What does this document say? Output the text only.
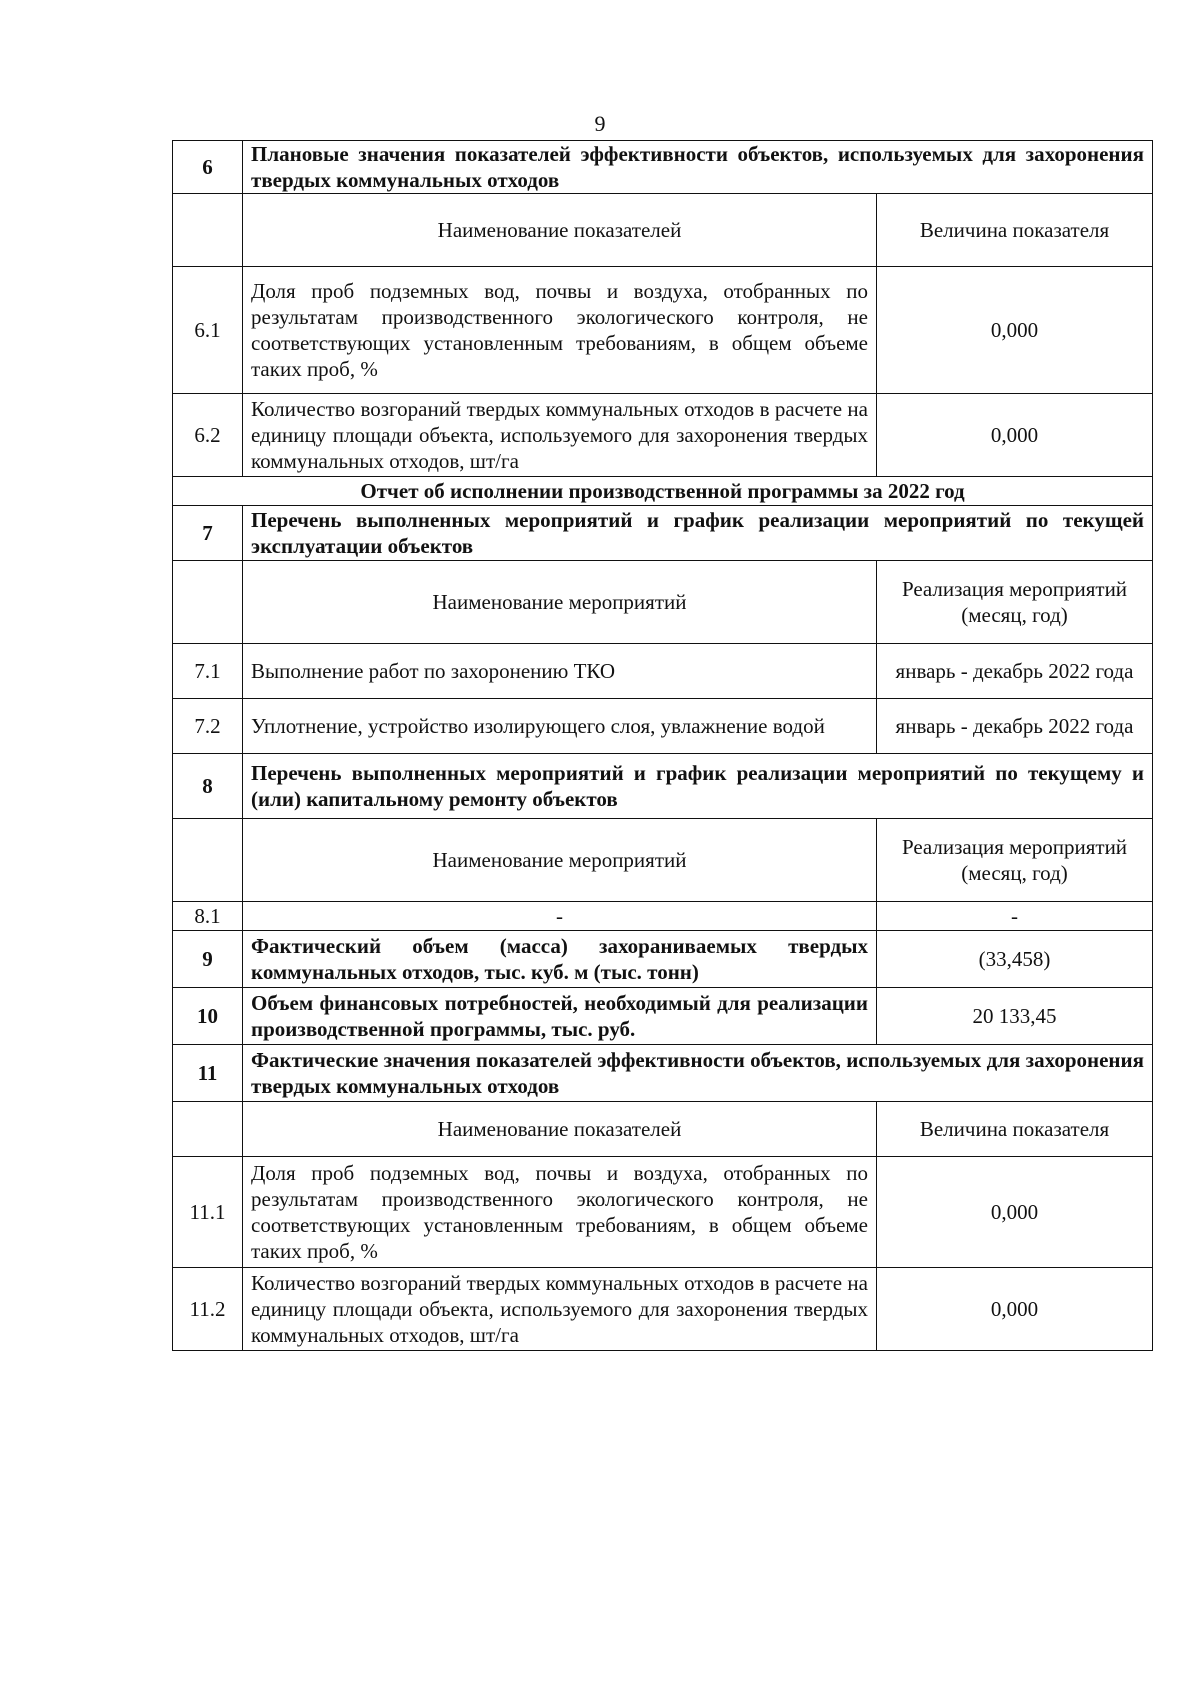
9
6	Плановые значения показателей эффективности объектов, используемых для захоронения твердых коммунальных отходов	
	Наименование показателей	Величина показателя
6.1	Доля проб подземных вод, почвы и воздуха, отобранных по результатам производственного экологического контроля, не соответствующих установленным требованиям, в общем объеме таких проб, %	0,000
6.2	Количество возгораний твердых коммунальных отходов в расчете на единицу площади объекта, используемого для захоронения твердых коммунальных отходов, шт/га	0,000
Отчет об исполнении производственной программы за 2022 год		
7	Перечень выполненных мероприятий и график реализации мероприятий по текущей эксплуатации объектов	
	Наименование мероприятий	Реализация мероприятий (месяц, год)
7.1	Выполнение работ по захоронению ТКО	январь - декабрь 2022 года
7.2	Уплотнение, устройство изолирующего слоя, увлажнение водой	январь - декабрь 2022 года
8	Перечень выполненных мероприятий и график реализации мероприятий по текущему и (или) капитальному ремонту объектов	
	Наименование мероприятий	Реализация мероприятий (месяц, год)
8.1	-	-
9	Фактический объем (масса) захораниваемых твердых коммунальных отходов, тыс. куб. м (тыс. тонн)	(33,458)
10	Объем финансовых потребностей, необходимый для реализации производственной программы, тыс. руб.	20 133,45
11	Фактические значения показателей эффективности объектов, используемых для захоронения твердых коммунальных отходов	
	Наименование показателей	Величина показателя
11.1	Доля проб подземных вод, почвы и воздуха, отобранных по результатам производственного экологического контроля, не соответствующих установленным требованиям, в общем объеме таких проб, %	0,000
11.2	Количество возгораний твердых коммунальных отходов в расчете на единицу площади объекта, используемого для захоронения твердых коммунальных отходов, шт/га	0,000
